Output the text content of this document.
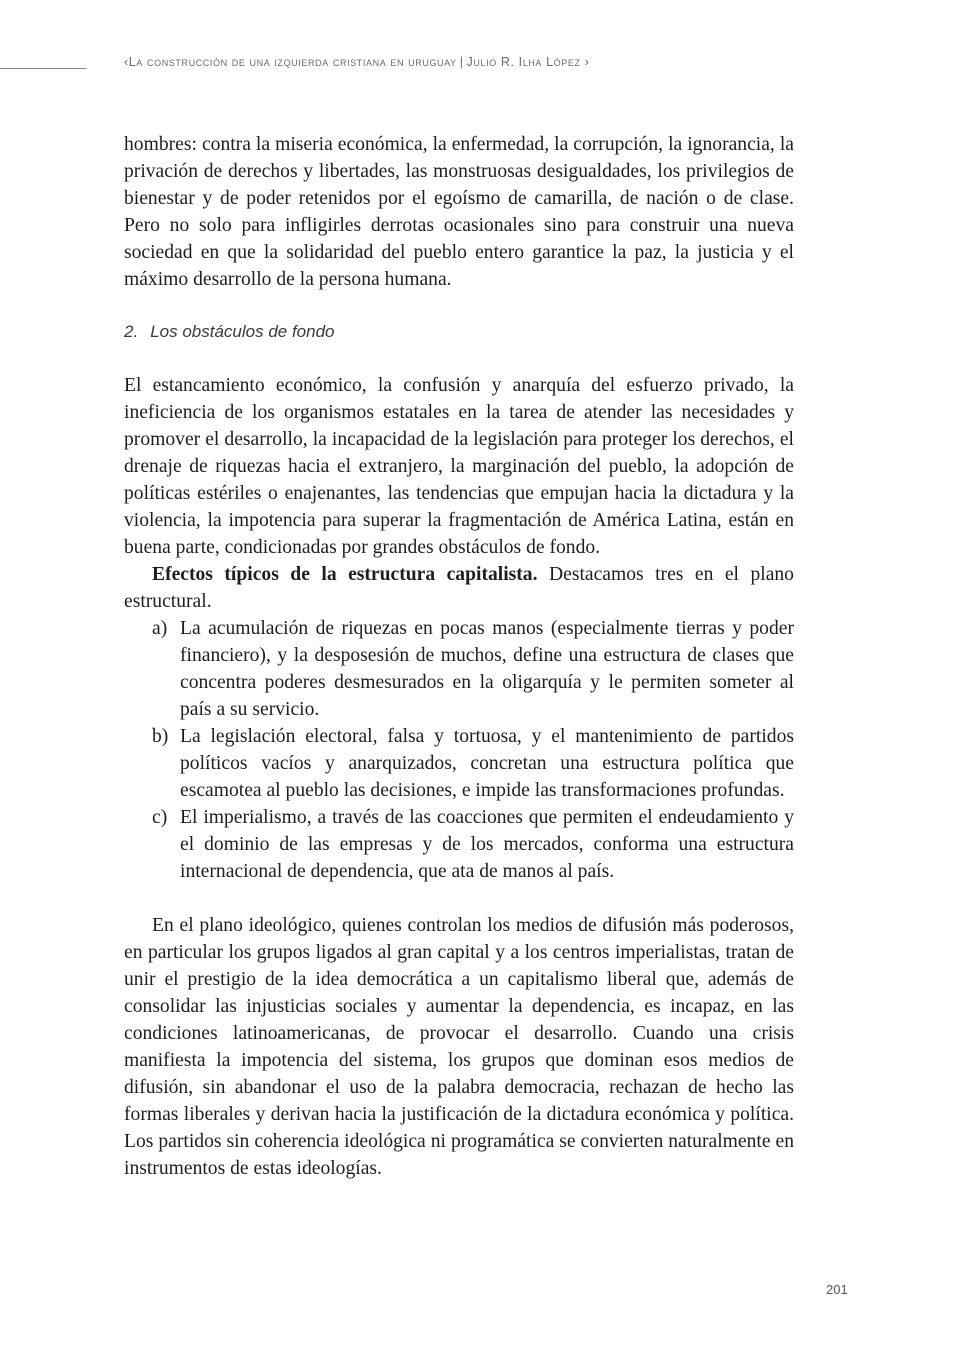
‹La construcción de una izquierda cristiana en uruguay | Julio R. Ilha López ›

hombres: contra la miseria económica, la enfermedad, la corrupción, la ignorancia, la privación de derechos y libertades, las monstruosas desigualdades, los privilegios de bienestar y de poder retenidos por el egoísmo de camarilla, de nación o de clase. Pero no solo para infligirles derrotas ocasionales sino para construir una nueva sociedad en que la solidaridad del pueblo entero garantice la paz, la justicia y el máximo desarrollo de la persona humana.

2. Los obstáculos de fondo

El estancamiento económico, la confusión y anarquía del esfuerzo privado, la ineficiencia de los organismos estatales en la tarea de atender las necesidades y promover el desarrollo, la incapacidad de la legislación para proteger los derechos, el drenaje de riquezas hacia el extranjero, la marginación del pueblo, la adopción de políticas estériles o enajenantes, las tendencias que empujan hacia la dictadura y la violencia, la impotencia para superar la fragmentación de América Latina, están en buena parte, condicionadas por grandes obstáculos de fondo.

Efectos típicos de la estructura capitalista. Destacamos tres en el plano estructural.

a) La acumulación de riquezas en pocas manos (especialmente tierras y poder financiero), y la desposesión de muchos, define una estructura de clases que concentra poderes desmesurados en la oligarquía y le permiten someter al país a su servicio.
b) La legislación electoral, falsa y tortuosa, y el mantenimiento de partidos políticos vacíos y anarquizados, concretan una estructura política que escamotea al pueblo las decisiones, e impide las transformaciones profundas.
c) El imperialismo, a través de las coacciones que permiten el endeudamiento y el dominio de las empresas y de los mercados, conforma una estructura internacional de dependencia, que ata de manos al país.

En el plano ideológico, quienes controlan los medios de difusión más poderosos, en particular los grupos ligados al gran capital y a los centros imperialistas, tratan de unir el prestigio de la idea democrática a un capitalismo liberal que, además de consolidar las injusticias sociales y aumentar la dependencia, es incapaz, en las condiciones latinoamericanas, de provocar el desarrollo. Cuando una crisis manifiesta la impotencia del sistema, los grupos que dominan esos medios de difusión, sin abandonar el uso de la palabra democracia, rechazan de hecho las formas liberales y derivan hacia la justificación de la dictadura económica y política. Los partidos sin coherencia ideológica ni programática se convierten naturalmente en instrumentos de estas ideologías.

201
